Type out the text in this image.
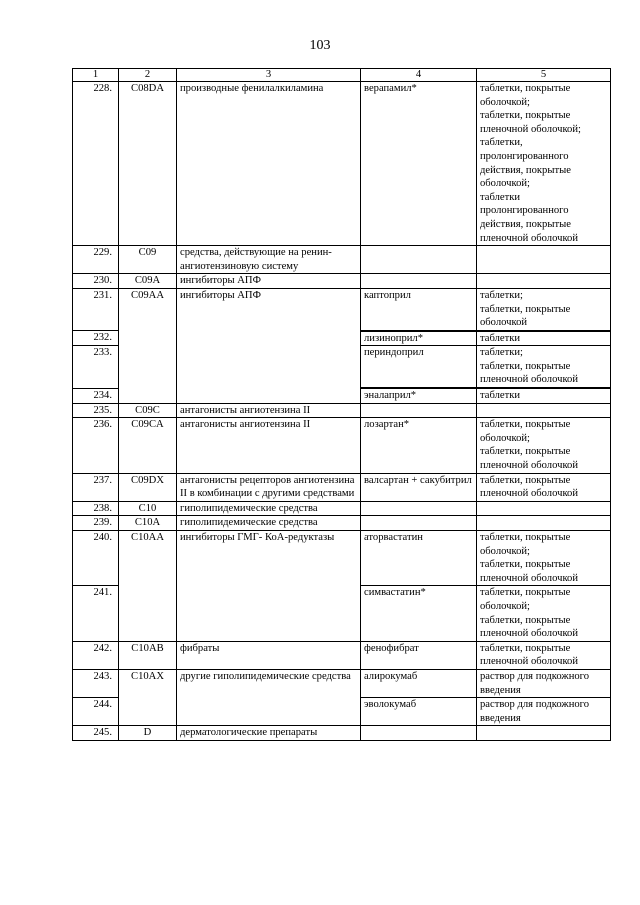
103
1	2	3	4	5
228.	C08DA	производные фенилалкиламина	верапамил*	таблетки, покрытые оболочкой;
таблетки, покрытые пленочной оболочкой;
таблетки, пролонгированного действия, покрытые оболочкой;
таблетки пролонгированного действия, покрытые пленочной оболочкой
229.	C09	средства, действующие на ренин-ангиотензиновую систему		
230.	C09A	ингибиторы АПФ		
231.	C09AA	ингибиторы АПФ	каптоприл	таблетки;
таблетки, покрытые оболочкой
232.			лизиноприл*	таблетки
233.			периндоприл	таблетки;
таблетки, покрытые пленочной оболочкой
234.			эналаприл*	таблетки
235.	C09C	антагонисты ангиотензина II		
236.	C09CA	антагонисты ангиотензина II	лозартан*	таблетки, покрытые оболочкой;
таблетки, покрытые пленочной оболочкой
237.	C09DX	антагонисты рецепторов ангиотензина II в комбинации с другими средствами	валсартан + сакубитрил	таблетки, покрытые пленочной оболочкой
238.	C10	гиполипидемические средства		
239.	C10A	гиполипидемические средства		
240.	C10AA	ингибиторы ГМГ- КоА-редуктазы	аторвастатин	таблетки, покрытые оболочкой;
таблетки, покрытые пленочной оболочкой
241.			симвастатин*	таблетки, покрытые оболочкой;
таблетки, покрытые пленочной оболочкой
242.	C10AB	фибраты	фенофибрат	таблетки, покрытые пленочной оболочкой
243.	C10AX	другие гиполипидемические средства	алирокумаб	раствор для подкожного введения
244.			эволокумаб	раствор для подкожного введения
245.	D	дерматологические препараты		
